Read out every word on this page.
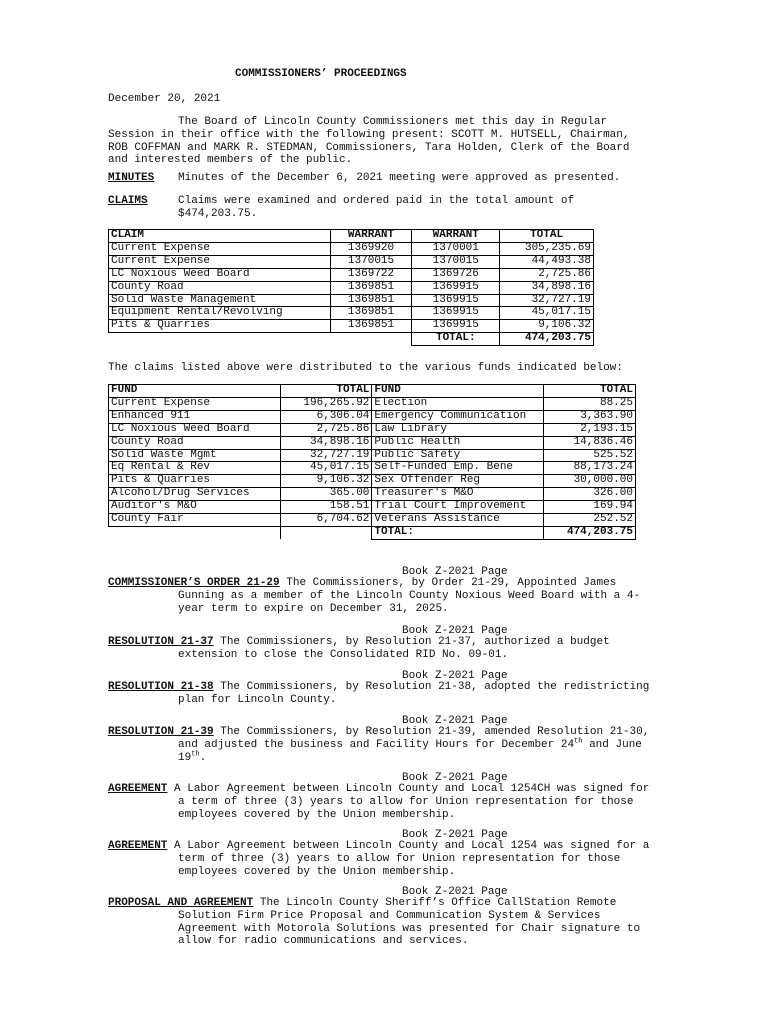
COMMISSIONERS’ PROCEEDINGS
December 20, 2021
The Board of Lincoln County Commissioners met this day in Regular
Session in their office with the following present: SCOTT M. HUTSELL, Chairman,
ROB COFFMAN and MARK R. STEDMAN, Commissioners, Tara Holden, Clerk of the Board
and interested members of the public.
MINUTES Minutes of the December 6, 2021 meeting were approved as presented.
CLAIMS	Claims were examined and ordered paid in the total amount of
$474,203.75.
CLAIM	WARRANT	WARRANT	TOTAL
Current Expense	1369920	1370001	305,235.69
Current Expense	1370015	1370015	44,493.38
LC Noxious Weed Board	1369722	1369726	2,725.86
County Road	1369851	1369915	34,898.16
Solid Waste Management	1369851	1369915	32,727.19
Equipment Rental/Revolving	1369851	1369915	45,017.15
Pits & Quarries	1369851	1369915	9,106.32
		TOTAL:	474,203.75
The claims listed above were distributed to the various funds indicated below:
FUND	TOTAL	FUND	TOTAL
Current Expense	196,265.92	Election	88.25
Enhanced 911	6,306.04	Emergency Communication	3,363.90
LC Noxious Weed Board	2,725.86	Law Library	2,193.15
County Road	34,898.16	Public Health	14,836.46
Solid Waste Mgmt	32,727.19	Public Safety	525.52
Eq Rental & Rev	45,017.15	Self-Funded Emp. Bene	88,173.24
Pits & Quarries	9,106.32	Sex Offender Reg	30,000.00
Alcohol/Drug Services	365.00	Treasurer's M&O	326.00
Auditor's M&O	158.51	Trial Court Improvement	169.94
County Fair	6,704.62	Veterans Assistance	252.52
		TOTAL:	474,203.75
Book Z-2021 Page
COMMISSIONER’S ORDER 21-29 The Commissioners, by Order 21-29, Appointed James
Gunning as a member of the Lincoln County Noxious Weed Board with a 4-
year term to expire on December 31, 2025.
Book Z-2021 Page
RESOLUTION 21-37 The Commissioners, by Resolution 21-37, authorized a budget
extension to close the Consolidated RID No. 09-01.
Book Z-2021 Page
RESOLUTION 21-38 The Commissioners, by Resolution 21-38, adopted the redistricting
plan for Lincoln County.
Book Z-2021 Page
RESOLUTION 21-39 The Commissioners, by Resolution 21-39, amended Resolution 21-30,
and adjusted the business and Facility Hours for December 24th and June
19th.
Book Z-2021 Page
AGREEMENT A Labor Agreement between Lincoln County and Local 1254CH was signed for
a term of three (3) years to allow for Union representation for those
employees covered by the Union membership.
Book Z-2021 Page
AGREEMENT A Labor Agreement between Lincoln County and Local 1254 was signed for a
term of three (3) years to allow for Union representation for those
employees covered by the Union membership.
Book Z-2021 Page
PROPOSAL AND AGREEMENT The Lincoln County Sheriff’s Office CallStation Remote
Solution Firm Price Proposal and Communication System & Services
Agreement with Motorola Solutions was presented for Chair signature to
allow for radio communications and services.
